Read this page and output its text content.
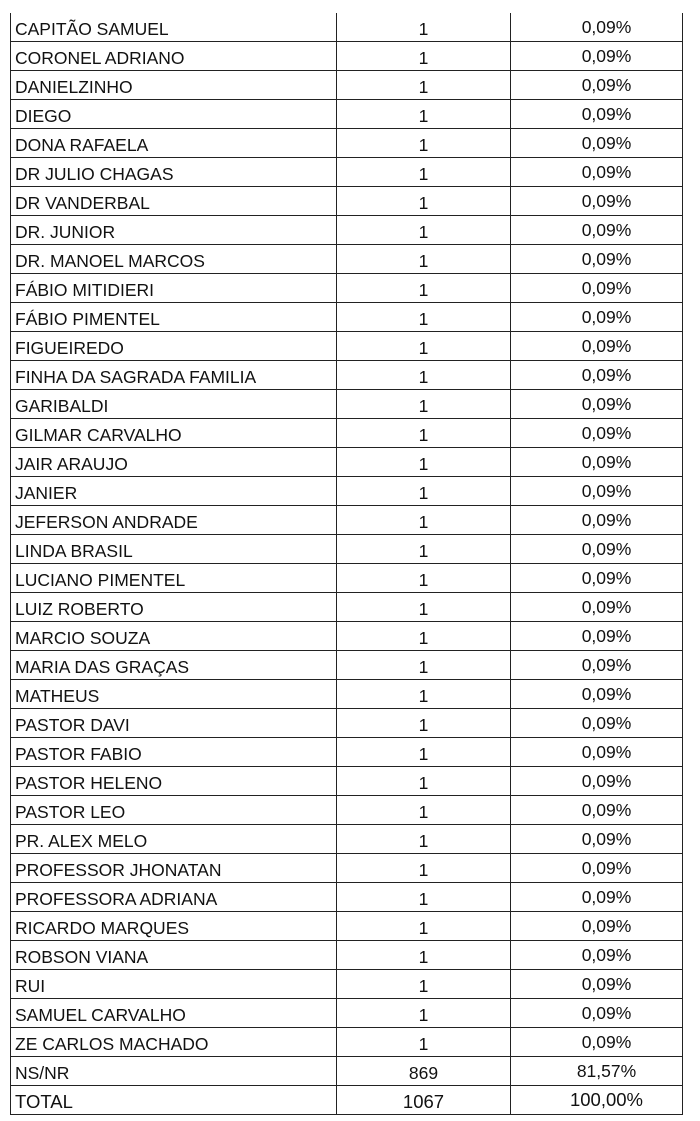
CAPITÃO SAMUEL	1	0,09%
CORONEL ADRIANO	1	0,09%
DANIELZINHO	1	0,09%
DIEGO	1	0,09%
DONA RAFAELA	1	0,09%
DR JULIO CHAGAS	1	0,09%
DR VANDERBAL	1	0,09%
DR. JUNIOR	1	0,09%
DR. MANOEL MARCOS	1	0,09%
FÁBIO MITIDIERI	1	0,09%
FÁBIO PIMENTEL	1	0,09%
FIGUEIREDO	1	0,09%
FINHA DA SAGRADA FAMILIA	1	0,09%
GARIBALDI	1	0,09%
GILMAR CARVALHO	1	0,09%
JAIR ARAUJO	1	0,09%
JANIER	1	0,09%
JEFERSON ANDRADE	1	0,09%
LINDA BRASIL	1	0,09%
LUCIANO PIMENTEL	1	0,09%
LUIZ ROBERTO	1	0,09%
MARCIO SOUZA	1	0,09%
MARIA DAS GRAÇAS	1	0,09%
MATHEUS	1	0,09%
PASTOR DAVI	1	0,09%
PASTOR FABIO	1	0,09%
PASTOR HELENO	1	0,09%
PASTOR LEO	1	0,09%
PR. ALEX MELO	1	0,09%
PROFESSOR JHONATAN	1	0,09%
PROFESSORA ADRIANA	1	0,09%
RICARDO MARQUES	1	0,09%
ROBSON VIANA	1	0,09%
RUI	1	0,09%
SAMUEL CARVALHO	1	0,09%
ZE CARLOS MACHADO	1	0,09%
NS/NR	869	81,57%
TOTAL	1067	100,00%
